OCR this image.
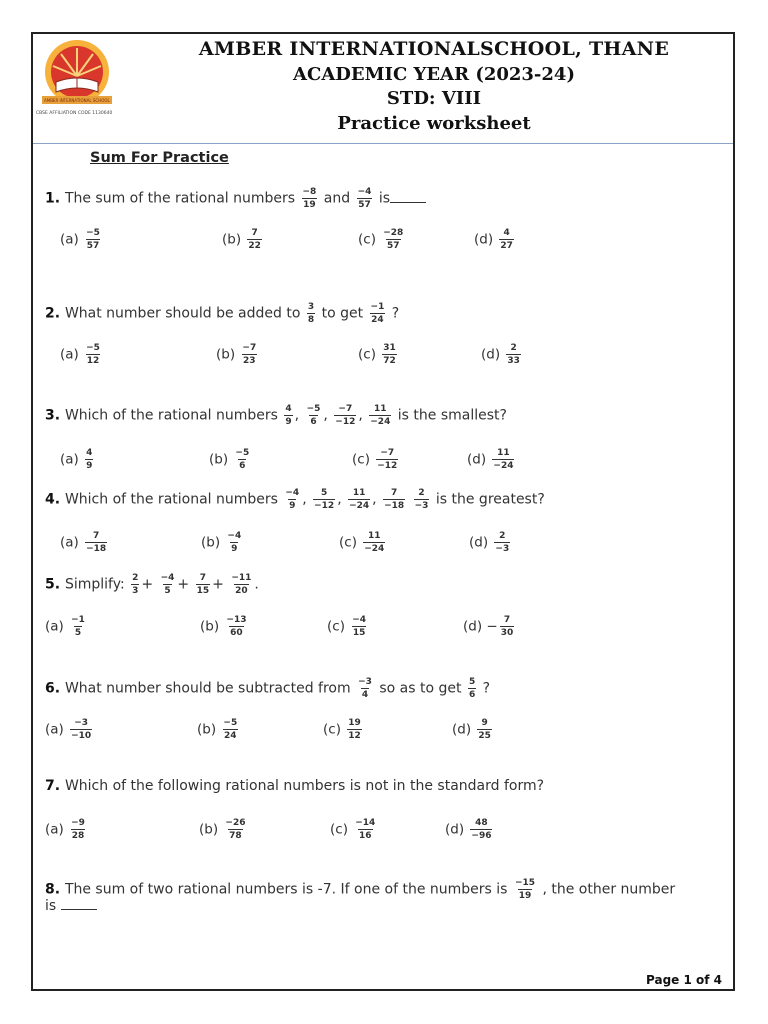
CBSE AFFILIATION CODE 1130640
AMBER INTERNATIONAL SCHOOL
AMBER INTERNATIONALSCHOOL, THANE
ACADEMIC YEAR (2023-24)
STD: VIII
Practice worksheet
Sum For Practice
1. The sum of the rational numbers $\frac{-8}{19}$ and $\frac{-4}{57}$ is
$(a) \frac{-5}{57}$	$(b) \frac{7}{22}$	$(c) \frac{-28}{57}$	$(d) \frac{4}{27}$
2. What number should be added to $\frac{3}{8}$ to get $\frac{-1}{24}$ ?
$(a) \frac{-5}{12}$	$(b) \frac{-7}{23}$	$(c) \frac{31}{72}$	$(d) \frac{2}{33}$
3. Which of the rational numbers $\frac{4}{9}$ , $\frac{-5}{6}$ , $\frac{-7}{-12}$ , $\frac{11}{-24}$ is the smallest?
$(a) \frac{4}{9}$	$(b) \frac{-5}{6}$	$(c) \frac{-7}{-12}$	$(d) \frac{11}{-24}$
4. Which of the rational numbers $\frac{-4}{9}$ , $\frac{5}{-12}$ , $\frac{11}{-24}$ , $\frac{7}{-18}$
$\frac{2}{-3}$ is the greatest?
$(a) \frac{7}{-18}$	$(b) \frac{-4}{9}$	$(c) \frac{11}{-24}$	$(d) \frac{2}{-3}$
5. Simplify: $\frac{2}{3} + \frac{-4}{5} + \frac{7}{15} + \frac{-11}{20}$ .
$(a) \frac{-1}{5}$	$(b) \frac{-13}{60}$	$(c) \frac{-4}{15}$	$(d) - \frac{7}{30}$
6. What number should be subtracted from $\frac{-3}{4}$ so as to get $\frac{5}{6}$ ?
$(a) \frac{-3}{-10}$	$(b) \frac{-5}{24}$	$(c) \frac{19}{12}$	$(d) \frac{9}{25}$
7. Which of the following rational numbers is not in the standard form?
$(a) \frac{-9}{28}$	$(b) \frac{-26}{78}$	$(c) \frac{-14}{16}$	$(d) \frac{48}{-96}$
8. The sum of two rational numbers is -7. If one of the numbers is $\frac{-15}{19}$ , the other number
is
Page 1 of 4
